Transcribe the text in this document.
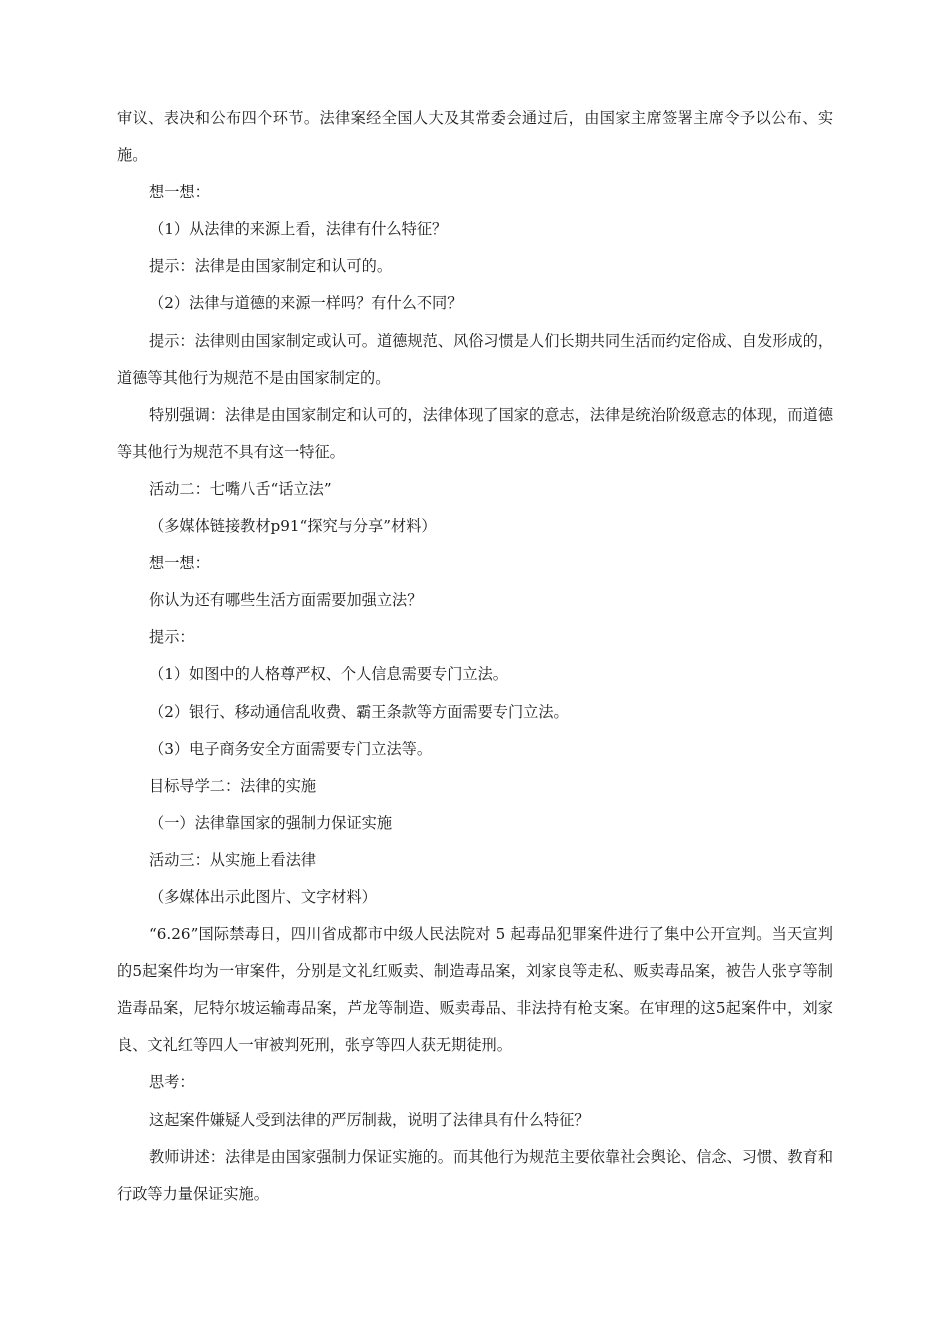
审议、表决和公布四个环节。法律案经全国人大及其常委会通过后，由国家主席签署主席令予以公布、实施。

想一想：

（1）从法律的来源上看，法律有什么特征？

提示：法律是由国家制定和认可的。

（2）法律与道德的来源一样吗？有什么不同？

提示：法律则由国家制定或认可。道德规范、风俗习惯是人们长期共同生活而约定俗成、自发形成的，道德等其他行为规范不是由国家制定的。

特别强调：法律是由国家制定和认可的，法律体现了国家的意志，法律是统治阶级意志的体现，而道德等其他行为规范不具有这一特征。

活动二：七嘴八舌“话立法”

（多媒体链接教材p91“探究与分享”材料）

想一想：

你认为还有哪些生活方面需要加强立法？

提示：

（1）如图中的人格尊严权、个人信息需要专门立法。

（2）银行、移动通信乱收费、霸王条款等方面需要专门立法。

（3）电子商务安全方面需要专门立法等。

目标导学二：法律的实施

（一）法律靠国家的强制力保证实施

活动三：从实施上看法律

（多媒体出示此图片、文字材料）

“6.26”国际禁毒日，四川省成都市中级人民法院对 5 起毒品犯罪案件进行了集中公开宣判。当天宣判的5起案件均为一审案件，分别是文礼红贩卖、制造毒品案，刘家良等走私、贩卖毒品案，被告人张亨等制造毒品案，尼特尔坡运输毒品案，芦龙等制造、贩卖毒品、非法持有枪支案。在审理的这5起案件中，刘家良、文礼红等四人一审被判死刑，张亨等四人获无期徒刑。

思考：

这起案件嫌疑人受到法律的严厉制裁，说明了法律具有什么特征？

教师讲述：法律是由国家强制力保证实施的。而其他行为规范主要依靠社会舆论、信念、习惯、教育和行政等力量保证实施。
